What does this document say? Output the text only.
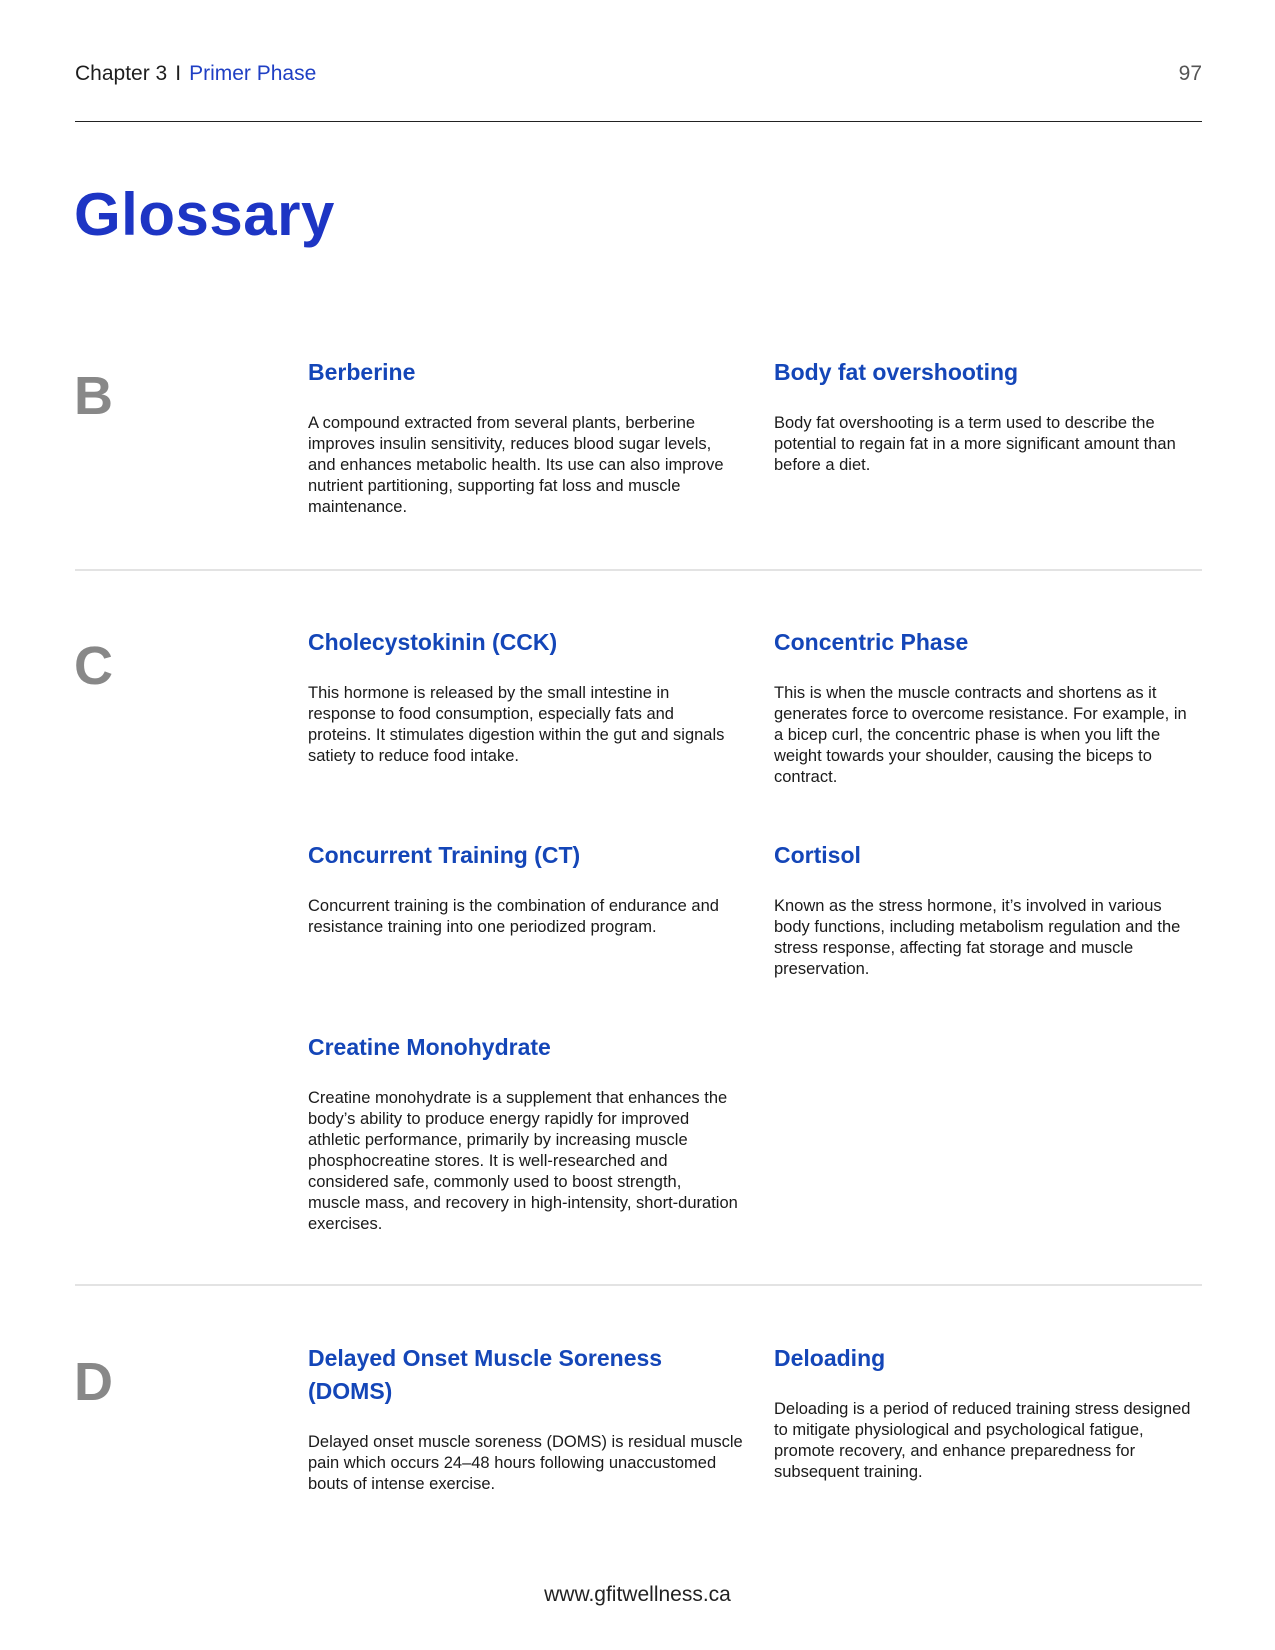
Chapter 3 I Primer Phase	97
Glossary
B	Berberine

A compound extracted from several plants, berberine improves insulin sensitivity, reduces blood sugar levels, and enhances metabolic health. Its use can also improve nutrient partitioning, supporting fat loss and muscle maintenance.

Body fat overshooting

Body fat overshooting is a term used to describe the potential to regain fat in a more significant amount than before a diet.

C	Cholecystokinin (CCK)

This hormone is released by the small intestine in response to food consumption, especially fats and proteins. It stimulates digestion within the gut and signals satiety to reduce food intake.

Concentric Phase

This is when the muscle contracts and shortens as it generates force to overcome resistance. For example, in a bicep curl, the concentric phase is when you lift the weight towards your shoulder, causing the biceps to contract.

Concurrent Training (CT)

Concurrent training is the combination of endurance and resistance training into one periodized program.

Cortisol

Known as the stress hormone, it’s involved in various body functions, including metabolism regulation and the stress response, affecting fat storage and muscle preservation.

Creatine Monohydrate

Creatine monohydrate is a supplement that enhances the body’s ability to produce energy rapidly for improved athletic performance, primarily by increasing muscle phosphocreatine stores. It is well-researched and considered safe, commonly used to boost strength, muscle mass, and recovery in high-intensity, short-duration exercises.

D	Delayed Onset Muscle Soreness (DOMS)

Delayed onset muscle soreness (DOMS) is residual muscle pain which occurs 24–48 hours following unaccustomed bouts of intense exercise.

Deloading

Deloading is a period of reduced training stress designed to mitigate physiological and psychological fatigue, promote recovery, and enhance preparedness for subsequent training.

www.gfitwellness.ca
